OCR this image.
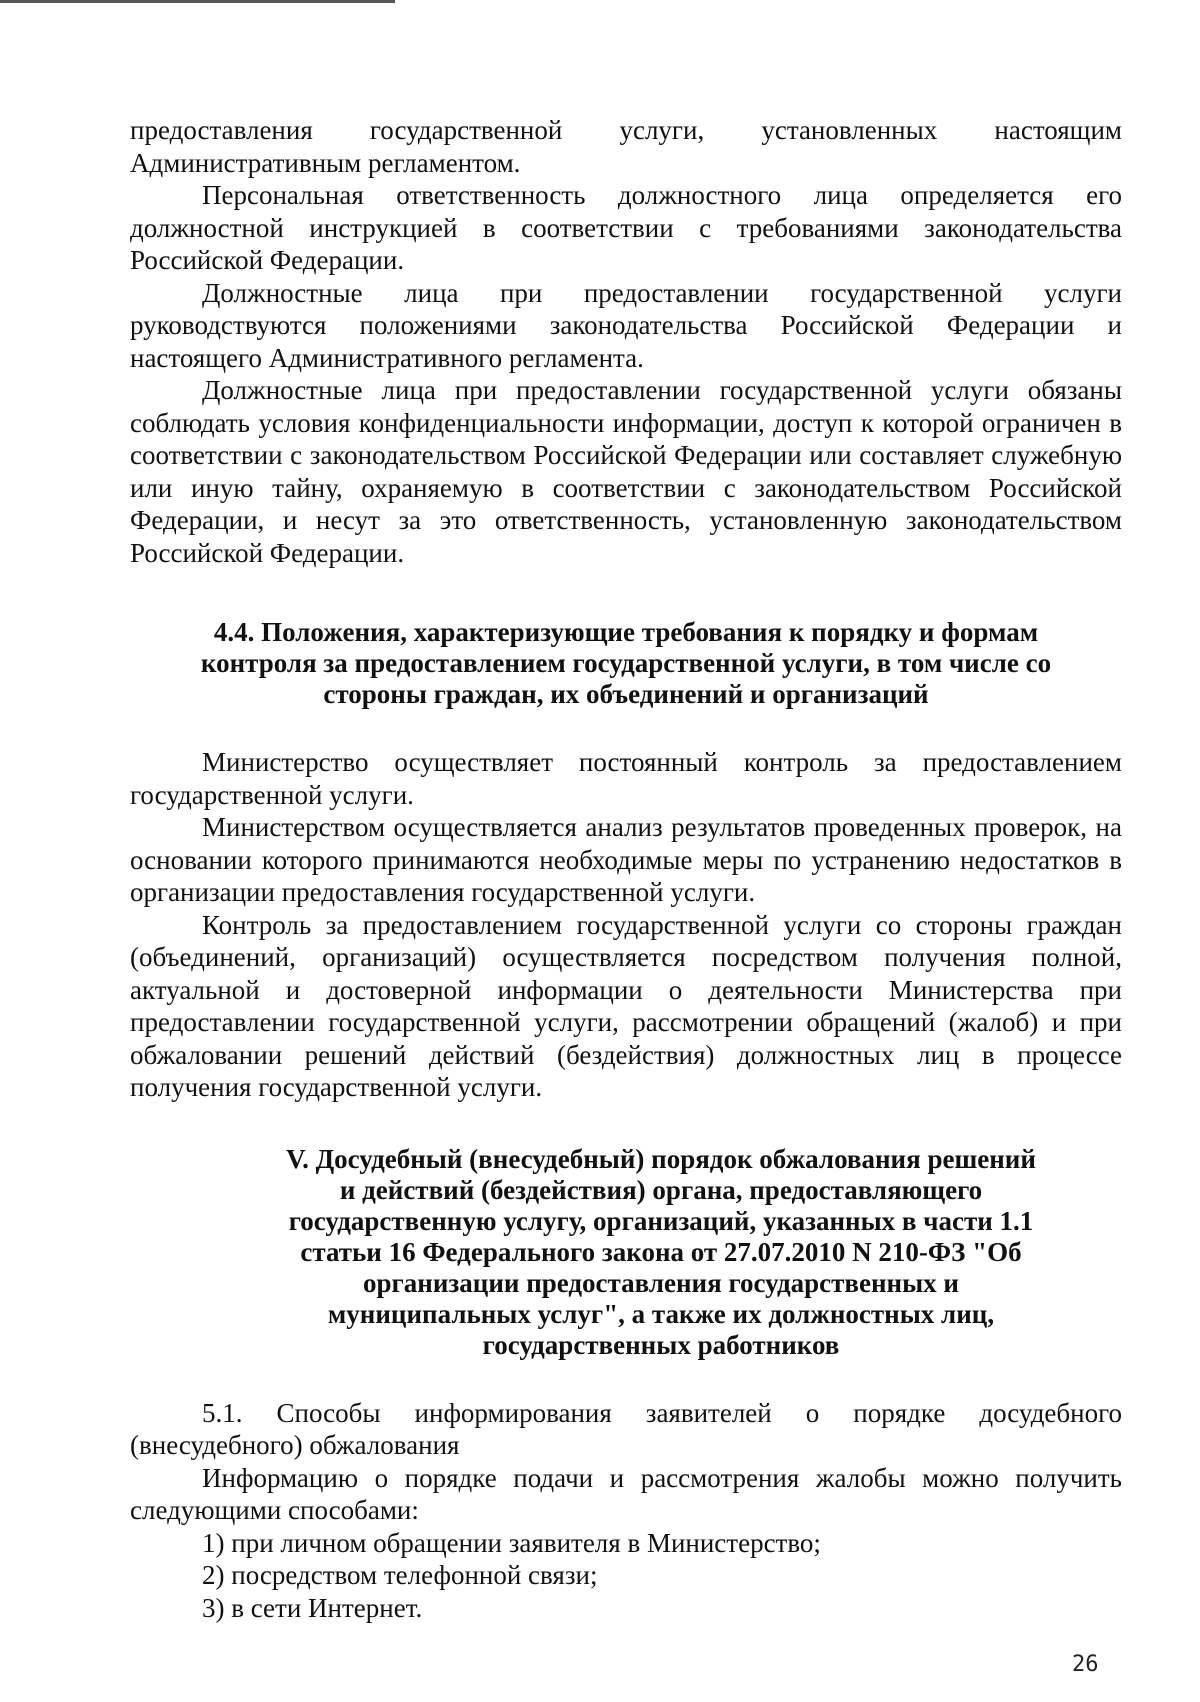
предоставления государственной услуги, установленных настоящим Административным регламентом.

Персональная ответственность должностного лица определяется его должностной инструкцией в соответствии с требованиями законодательства Российской Федерации.

Должностные лица при предоставлении государственной услуги руководствуются положениями законодательства Российской Федерации и настоящего Административного регламента.

Должностные лица при предоставлении государственной услуги обязаны соблюдать условия конфиденциальности информации, доступ к которой ограничен в соответствии с законодательством Российской Федерации или составляет служебную или иную тайну, охраняемую в соответствии с законодательством Российской Федерации, и несут за это ответственность, установленную законодательством Российской Федерации.

4.4. Положения, характеризующие требования к порядку и формам контроля за предоставлением государственной услуги, в том числе со стороны граждан, их объединений и организаций

Министерство осуществляет постоянный контроль за предоставлением государственной услуги.

Министерством осуществляется анализ результатов проведенных проверок, на основании которого принимаются необходимые меры по устранению недостатков в организации предоставления государственной услуги.

Контроль за предоставлением государственной услуги со стороны граждан (объединений, организаций) осуществляется посредством получения полной, актуальной и достоверной информации о деятельности Министерства при предоставлении государственной услуги, рассмотрении обращений (жалоб) и при обжаловании решений действий (бездействия) должностных лиц в процессе получения государственной услуги.

V. Досудебный (внесудебный) порядок обжалования решений и действий (бездействия) органа, предоставляющего государственную услугу, организаций, указанных в части 1.1 статьи 16 Федерального закона от 27.07.2010 N 210-ФЗ "Об организации предоставления государственных и муниципальных услуг", а также их должностных лиц, государственных работников

5.1. Способы информирования заявителей о порядке досудебного (внесудебного) обжалования

Информацию о порядке подачи и рассмотрения жалобы можно получить следующими способами:

1) при личном обращении заявителя в Министерство;

2) посредством телефонной связи;

3) в сети Интернет.

26
